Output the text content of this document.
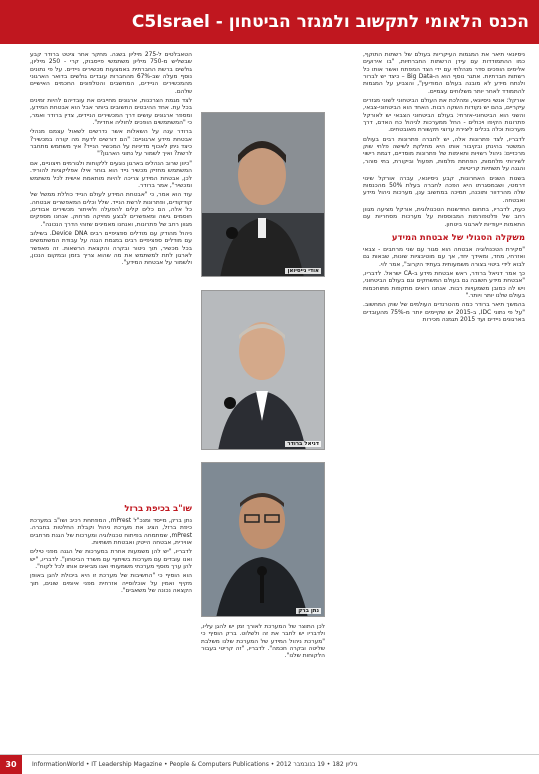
הכנס הלאומי לתקשוב ולמגזר הביטחון - C5Israel

ניסיונאי תיאר את המגמות העיקריות בעולם של רשתות התוקף, כמו ההתמודדות עם עידן הרשתות החברתיות, "בו אירועים אלימים הופכים סדר מנהלתי עם ידי הצד המפתח ואשר אותו כל רשתות חברתיות. אתגר נוסף הוא ה-Big Data – כיצד יש לברור ולנתח מידע לא מובנה בעולם המודיעין", והצביע על המגמות להתמודד לאחר יותר משלוחים עצמיים.

אורקל: אנשי ניסיונאי, ומהלכת את העולם הביטחוני לשוני מגזרים עיקריים, בהם יש נקודות השקה רבות. האחד הוא הביטחוני-צבאי, והשני הוא הביטחוני-אזרחי: בעולם הביטחוני הצבאי יש לאורקל פתרונות הקיפו ויכולים - החל ממערכות לניהול כח האדם, דרך מערכות וכלה בכלים ליצירת ערוצי תקשורת מאובטחים.

לדבריו, לצד פתרונות אלה, יש לחברה פתרונות רבים בעולם המשטר בהינתן ובקיבור אותו היא מחלקת לשישה פלחי שוק מרכזיים: ניהול רשויות ותאימות של פתרונות מוסדיים, דגמת רישוי לשירותי מלחמות, הפחתת מלמות, תפעול וביקורת, בתי סוהר, והגנה על תשתיות קריטיות.

בשנות השנים האחרונות, קבע ניסיונאי, עברה אורקל שינוי דרמטי, ושבמסגרתו היא הפכה לחברה בעלת 50% מהכנסות שלה מהרדוור ותוכנה, תמיכה במחשוב ענן, מערכות ניהול מידע ואבטחה.

כעת, לדבריו, בתחום החדשנות הטכנולוגית, אורקל מציעה מגוון רחב של פלטפורמות המבוססות על מערכות מסחריות עם התאמות ייעודיות לארגוני ביטחון.

משקלה הסגולי של אבטחת המידע

"סקירת הטכנולוגיה אבטחה הוא סגור עם שני מרחבים - צבאי ואזרחי, מחד, ומאידך יחד, אך עם מוטיבציות שונות, שבאות גם לבוא לידי ביטוי בצורה משמעותית בעתיד הקרוב", אמר לוי.

כך אמר דניאל ברודר, ראש אבטחת מידע ב-CA ישראל. לדבריו, "אבטחת מידע חשובה גם בעולם המשחקים וגם בעולם הביטחוני, ויש לה כמובן משמעויות רבות. אנחנו רואים מתקפות מתוחכמות בעולם שלנו יותר ויותר."

בהמשך תיאר ברודר כמה מהטרנדים העולמים של שוק המחשוב. "על פי נתוני IDC, ב-2015 יש שקיימים יותר מ-75% מהעובדים בארגונים ניידים ועד 2015 תגמנה מכירות

אודי נייסיואן
דניאל ברודר
נתן ברק

לכן התוצר של המערכת לאורך זמן יש להגן עליו, ולדבריו יש לחבר את זה ולשלוט. ברק הוסיף כי "מערכת ניהול המידע של המערכת שלנו משלבת שליטה ובקרה חכמה". לדבריו, "זה קריטי בעבור הלקוחות שלנו".

הטאבלטים ל-275 מיליון בשנה. מחקר אחר ציטט ברודר קבע שבשליש מ-750 מיליון משתמשי פייסבוק, קרי - 250 מיליון, גולשים ברשת החברתית באמצעות מכשירים ניידים. על פי נתונים נוסף מעלה שב-67% מהחברות עובדים גולשים בדואר הארגוני מהמכשירים הניידים, המחשבים והטלפונים החכמים האישיים שלהם.

לצד מגמת הצרכנות, ארגונים מחייבים את עובדיהם להיות זמינים בכל עת. אחד ההיבטים החשובים ביותר אבל הוא אבטחת המידע, ומספר ארגונים עושים דרך המכשירים הניידים, צדין ברודר ואמר, כי "המשתמשים הופכים לחוליה אחדית".

ברודר ענה על השאלות אשר נדרשים לשאול עצמם מנהלי אבטחת מידע ארגוניים: "הם דורשים לדעת מה קורה במכשיר? כיצד ניתן לאכוף מדיניות על המכשיר הנייד? איך משתמש מתחבר לרשת? ואיך לשמור על נתוני הארגון?"

"כיוון שרוב הנהלים בארגון נוגעים ללקוחות ולגורמים חיצוניים, אם המשתמש מחזיק מכשיר נייד הוא בוחר אילו אפליקציות להוריד. לכן, אבטחת המידע צריכה להיות מותאמת אישית לכל משתמש ומכשיר", אמר ברודר.

עוד הוא אמר, כי "אבטחת המידע לעולם הנייד כוללת ממשל של קודקודים, ופתרונות לרשת הנייד. שלל וכלים המאפשרים אבטחה. כל אלה, הם כלים קלים להפעלה ולאיתור מכשירים אבודים, חוסמים גישה ומאפשרים לבצע מחיקה מרחוק. אנחנו מספקים מגוון רחב של פתרונות, ואנחנו מאמינים שזוהי הדרך הנכונה".

ניהול מהודק עם מודלים ספציפיים רבים Device DNA. בשילוב עם מודלים ספציפיים רבים במגמת הגנה על עבודת המשתמשים בכל מכשיר, תוך ניטור ובקרה והקצאת הרשאות. זה מאפשר לארגון לתת למשתמש את מה שהוא צריך בזמן ובמקום הנכון, ולשמור על אבטחת המידע".

שו"ב בכיפת ברזל

נתן ברק, מייסד ומנכ"ל mPrest, המפתחת רכיב ושו"ב במערכת כיפת ברזל, הציג את מערכת ניהול וקבלת החלטות בחברה. mPrest, שמתמחה בפיתוח טכנולוגיה ומערכות של הגנת מרחבים אווירית, אבטחה הייטק ואבטחת תשתיות.

לדבריו, "יש להן משמעות אחרת במערכות של הגנה מפני טילים ואנו עובדים עם מערכות בשיתוף עם משרד הביטחון". לדבריו, "יש להן ערך מוסף מערכתי משמעותי ואנו מביאים אותו לכל לקוח".

הוא הוסיף כי "החשיבות של מערכת זו היא ביכולת להגן באופן מקיף ואמין על אוכלוסייה אזרחית מפני איומים שונים, תוך הקצאה נכונה של משאבים".

30	גיליון 182 • 19 בנובמבר 2012 • InformationWorld • IT Leadership Magazine • People & Computers Publications
